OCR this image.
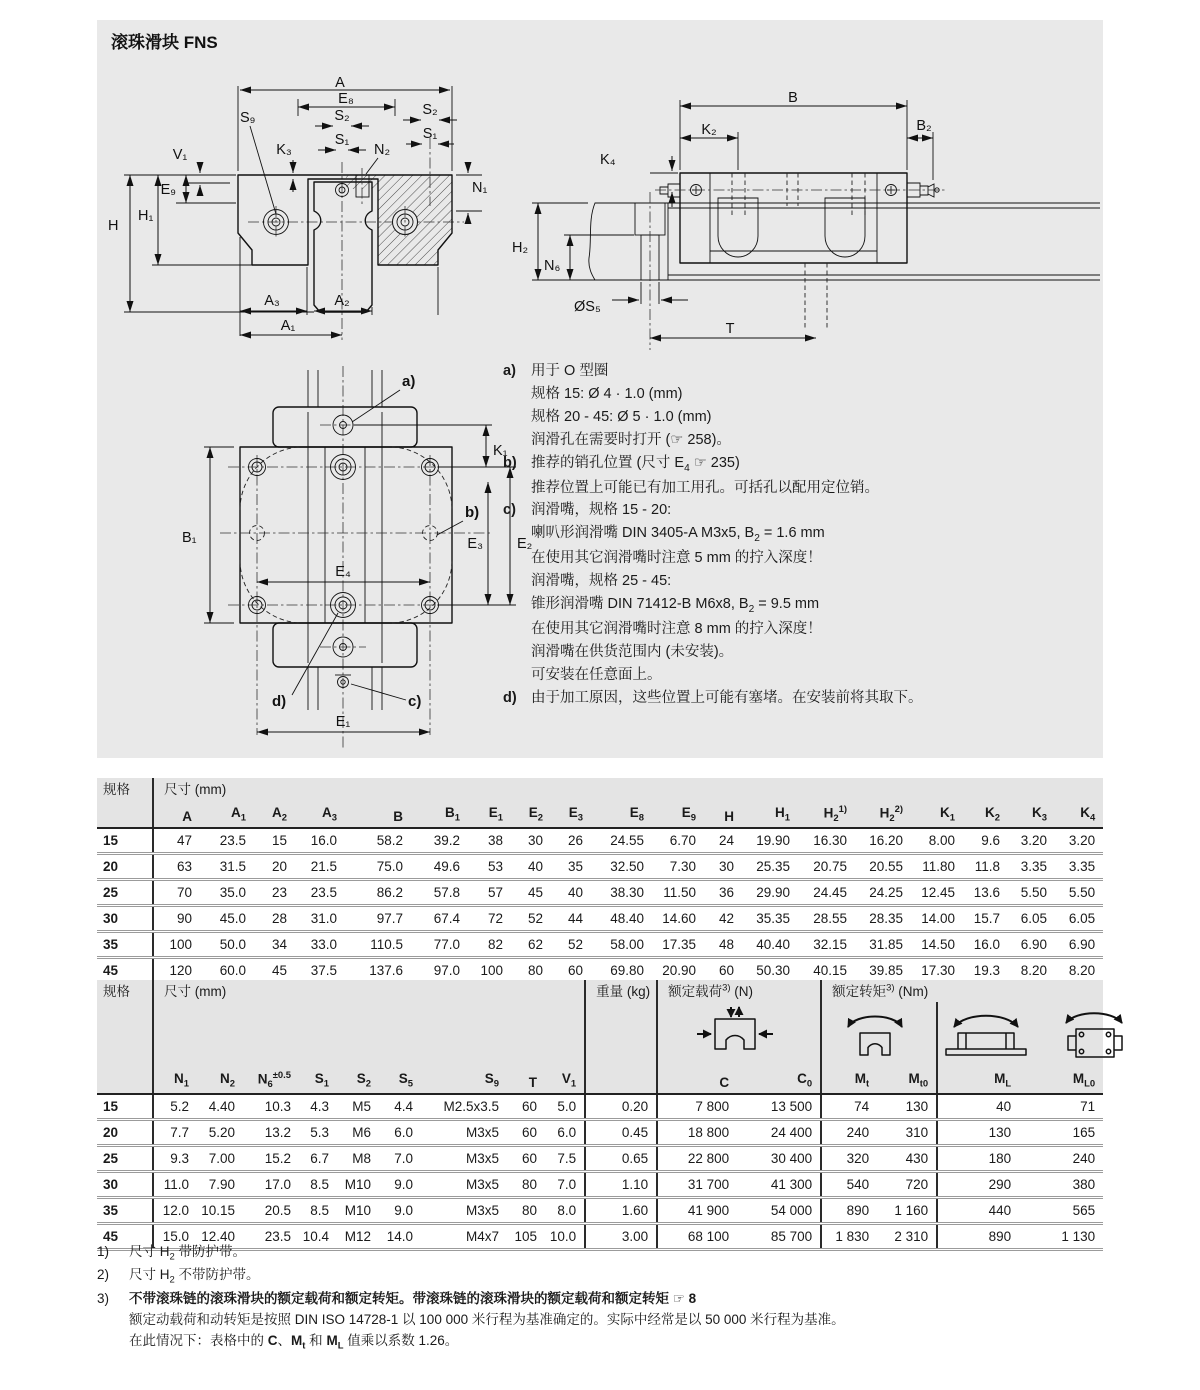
滚珠滑块 FNS
A
E₈
S₉	S₂
S₁
N₂
K₃
S₂
S₁
V₁
E₉
H
H₁
N₁
A₃	A₂
A₁
B
K₂	B₂
K₄
H₂
N₆
ØS₅
T
B₁
E₄
K₁
E₂
E₃
E₁
a)
b)
c)
d)
a)	用于 O 型圈
规格 15: Ø 4 · 1.0 (mm)
规格 20 - 45: Ø 5 · 1.0 (mm)
润滑孔在需要时打开 (☞ 258)。
b) 推荐的销孔位置 (尺寸 $E_4$ ☞ 235)
推荐位置上可能已有加工用孔。可括孔以配用定位销。
c)	润滑嘴，规格 15 - 20:
喇叭形润滑嘴 DIN 3405-A M3x5, $B_2 = 1.6$ mm
在使用其它润滑嘴时注意 5 mm 的拧入深度！
润滑嘴，规格 25 - 45:
锥形润滑嘴 DIN 71412-B M6x8, $B_2 = 9.5$ mm
在使用其它润滑嘴时注意 8 mm 的拧入深度！
润滑嘴在供货范围内 (未安装)。
可安装在任意面上。
d) 由于加工原因，这些位置上可能有塞堵。在安装前将其取下。
规格	尺寸 (mm)																		
	A	$A_1$	$A_2$	$A_3$	B	$B_1$	$E_1$	$E_2$	$E_3$	$E_8$	$E_9$	H	$H_1$	$H_2^{1)}$	$H_2^{2)}$	$K_1$	$K_2$	$K_3$	$K_4$
15	47	23.5	15	16.0	58.2	39.2	38	30	26	24.55	6.70	24	19.90	16.30	16.20	8.00	9.6	3.20	3.20
20	63	31.5	20	21.5	75.0	49.6	53	40	35	32.50	7.30	30	25.35	20.75	20.55	11.80	11.8	3.35	3.35
25	70	35.0	23	23.5	86.2	57.8	57	45	40	38.30	11.50	36	29.90	24.45	24.25	12.45	13.6	5.50	5.50
30	90	45.0	28	31.0	97.7	67.4	72	52	44	48.40	14.60	42	35.35	28.55	28.35	14.00	15.7	6.05	6.05
35	100	50.0	34	33.0	110.5	77.0	82	62	52	58.00	17.35	48	40.40	32.15	31.85	14.50	16.0	6.90	6.90
45	120	60.0	45	37.5	137.6	97.0	100	80	60	69.80	20.90	60	50.30	40.15	39.85	17.30	19.3	8.20	8.20
规格	尺寸 (mm)									重量 (kg)	额定载荷$^{3)}$ (N)		额定转矩$^{3)}$ (Nm)			

	$N_1$	$N_2$	$N_6^{\pm 0.5}$	$S_1$	$S_2$	$S_5$	$S_9$	T	$V_1$		C	$C_0$	$M_t$	$M_{t0}$	$M_L$	$M_{L0}$
15	5.2	4.40	10.3	4.3	M5	4.4	M2.5x3.5	60	5.0	0.20	7 800	13 500	74	130	40	71
20	7.7	5.20	13.2	5.3	M6	6.0	M3x5	60	6.0	0.45	18 800	24 400	240	310	130	165
25	9.3	7.00	15.2	6.7	M8	7.0	M3x5	60	7.5	0.65	22 800	30 400	320	430	180	240
30	11.0	7.90	17.0	8.5	M10	9.0	M3x5	80	7.0	1.10	31 700	41 300	540	720	290	380
35	12.0	10.15	20.5	8.5	M10	9.0	M3x5	80	8.0	1.60	41 900	54 000	890	1 160	440	565
45	15.0	12.40	23.5	10.4	M12	14.0	M4x7	105	10.0	3.00	68 100	85 700	1 830	2 310	890	1 130
1)	尺寸 $H_2$ 带防护带。
2)	尺寸 $H_2$ 不带防护带。
3)	不带滚珠链的滚珠滑块的额定载荷和额定转矩。带滚珠链的滚珠滑块的额定载荷和额定转矩 ☞ 8
额定动载荷和动转矩是按照 DIN ISO 14728-1 以 100 000 米行程为基准确定的。实际中经常是以 50 000 米行程为基准。
在此情况下：表格中的 C、$M_t$ 和 $M_L$ 值乘以系数 1.26。
